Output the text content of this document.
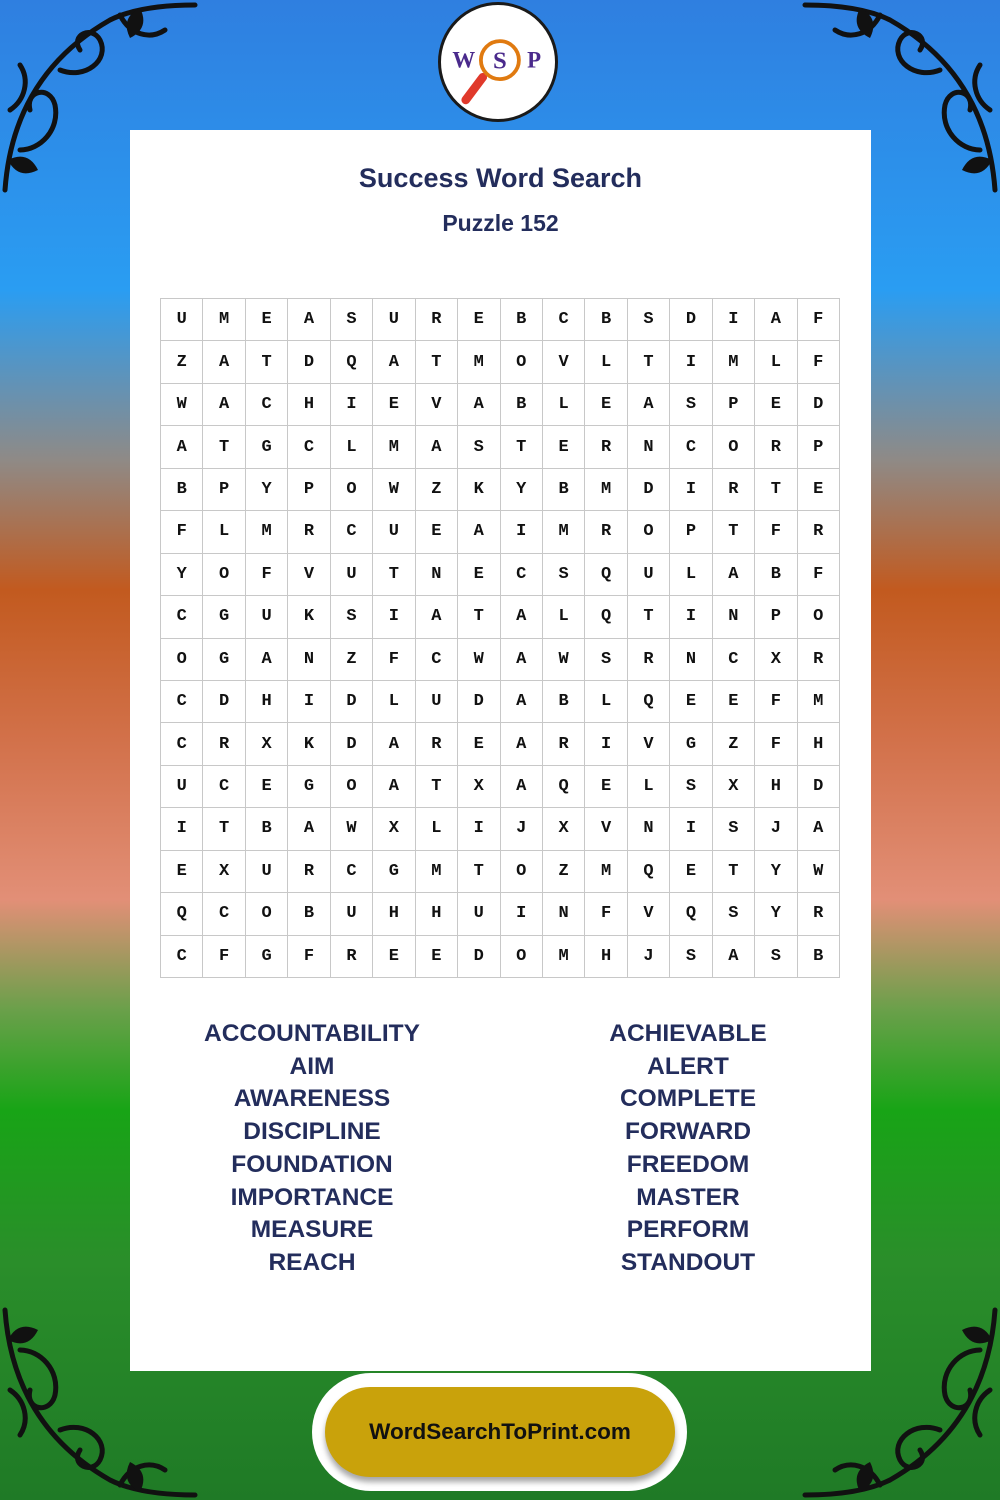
W S P
Success Word Search
Puzzle 152
U	M	E	A	S	U	R	E	B	C	B	S	D	I	A	F
Z	A	T	D	Q	A	T	M	O	V	L	T	I	M	L	F
W	A	C	H	I	E	V	A	B	L	E	A	S	P	E	D
A	T	G	C	L	M	A	S	T	E	R	N	C	O	R	P
B	P	Y	P	O	W	Z	K	Y	B	M	D	I	R	T	E
F	L	M	R	C	U	E	A	I	M	R	O	P	T	F	R
Y	O	F	V	U	T	N	E	C	S	Q	U	L	A	B	F
C	G	U	K	S	I	A	T	A	L	Q	T	I	N	P	O
O	G	A	N	Z	F	C	W	A	W	S	R	N	C	X	R
C	D	H	I	D	L	U	D	A	B	L	Q	E	E	F	M
C	R	X	K	D	A	R	E	A	R	I	V	G	Z	F	H
U	C	E	G	O	A	T	X	A	Q	E	L	S	X	H	D
I	T	B	A	W	X	L	I	J	X	V	N	I	S	J	A
E	X	U	R	C	G	M	T	O	Z	M	Q	E	T	Y	W
Q	C	O	B	U	H	H	U	I	N	F	V	Q	S	Y	R
C	F	G	F	R	E	E	D	O	M	H	J	S	A	S	B
ACCOUNTABILITY
AIM
AWARENESS
DISCIPLINE
FOUNDATION
IMPORTANCE
MEASURE
REACH
ACHIEVABLE
ALERT
COMPLETE
FORWARD
FREEDOM
MASTER
PERFORM
STANDOUT
WordSearchToPrint.com
